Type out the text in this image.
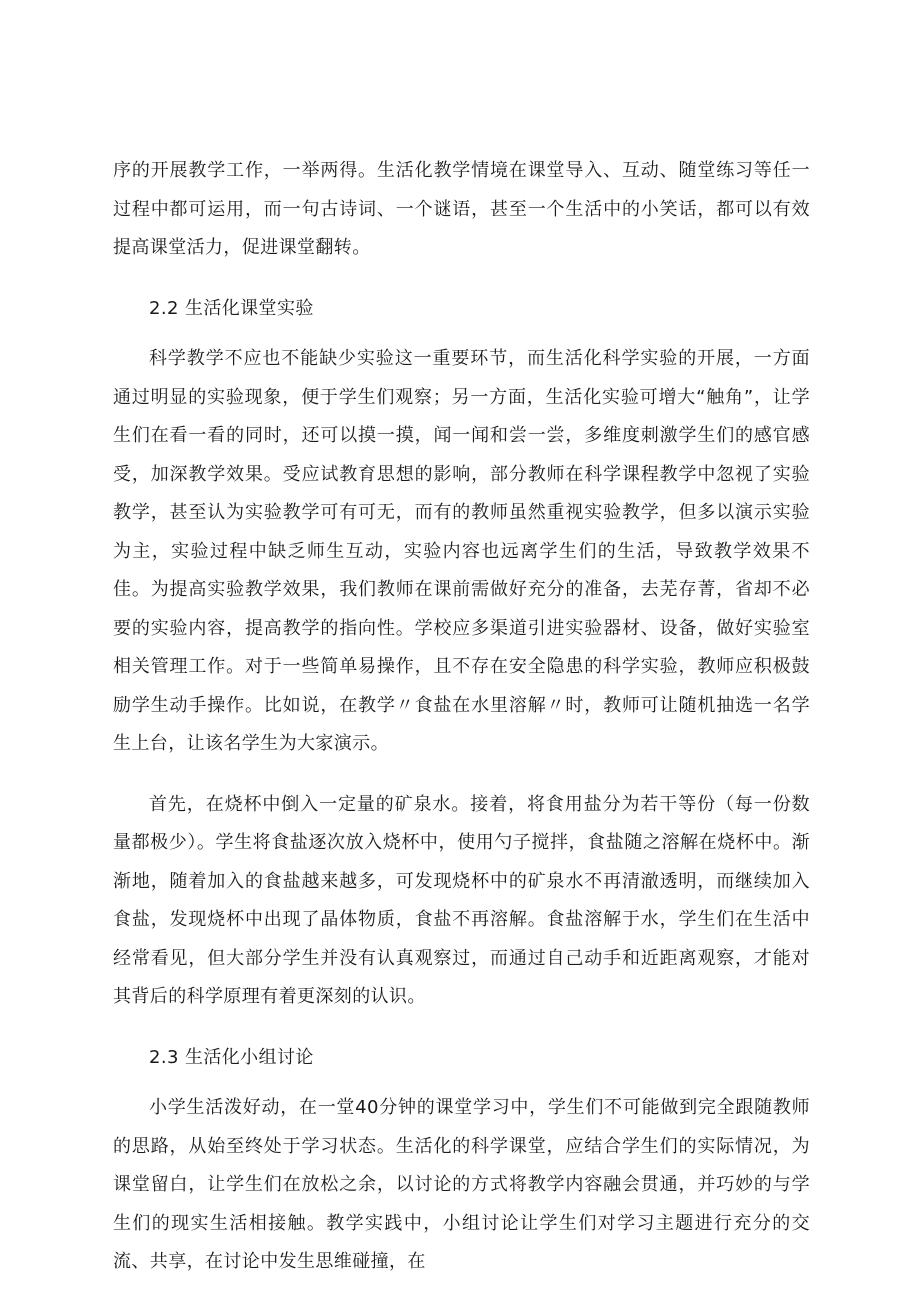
序的开展教学工作，一举两得。生活化教学情境在课堂导入、互动、随堂练习等任一过程中都可运用，而一句古诗词、一个谜语，甚至一个生活中的小笑话，都可以有效提高课堂活力，促进课堂翻转。

2.2 生活化课堂实验

科学教学不应也不能缺少实验这一重要环节，而生活化科学实验的开展，一方面通过明显的实验现象，便于学生们观察；另一方面，生活化实验可增大“触角”，让学生们在看一看的同时，还可以摸一摸，闻一闻和尝一尝，多维度刺激学生们的感官感受，加深教学效果。受应试教育思想的影响，部分教师在科学课程教学中忽视了实验教学，甚至认为实验教学可有可无，而有的教师虽然重视实验教学，但多以演示实验为主，实验过程中缺乏师生互动，实验内容也远离学生们的生活，导致教学效果不佳。为提高实验教学效果，我们教师在课前需做好充分的准备，去芜存菁，省却不必要的实验内容，提高教学的指向性。学校应多渠道引进实验器材、设备，做好实验室相关管理工作。对于一些简单易操作，且不存在安全隐患的科学实验，教师应积极鼓励学生动手操作。比如说，在教学〃食盐在水里溶解〃时，教师可让随机抽选一名学生上台，让该名学生为大家演示。

首先，在烧杯中倒入一定量的矿泉水。接着，将食用盐分为若干等份（每一份数量都极少）。学生将食盐逐次放入烧杯中，使用勺子搅拌，食盐随之溶解在烧杯中。渐渐地，随着加入的食盐越来越多，可发现烧杯中的矿泉水不再清澈透明，而继续加入食盐，发现烧杯中出现了晶体物质，食盐不再溶解。食盐溶解于水，学生们在生活中经常看见，但大部分学生并没有认真观察过，而通过自己动手和近距离观察，才能对其背后的科学原理有着更深刻的认识。

2.3 生活化小组讨论

小学生活泼好动，在一堂40分钟的课堂学习中，学生们不可能做到完全跟随教师的思路，从始至终处于学习状态。生活化的科学课堂，应结合学生们的实际情况，为课堂留白，让学生们在放松之余，以讨论的方式将教学内容融会贯通，并巧妙的与学生们的现实生活相接触。教学实践中，小组讨论让学生们对学习主题进行充分的交流、共享，在讨论中发生思维碰撞，在
